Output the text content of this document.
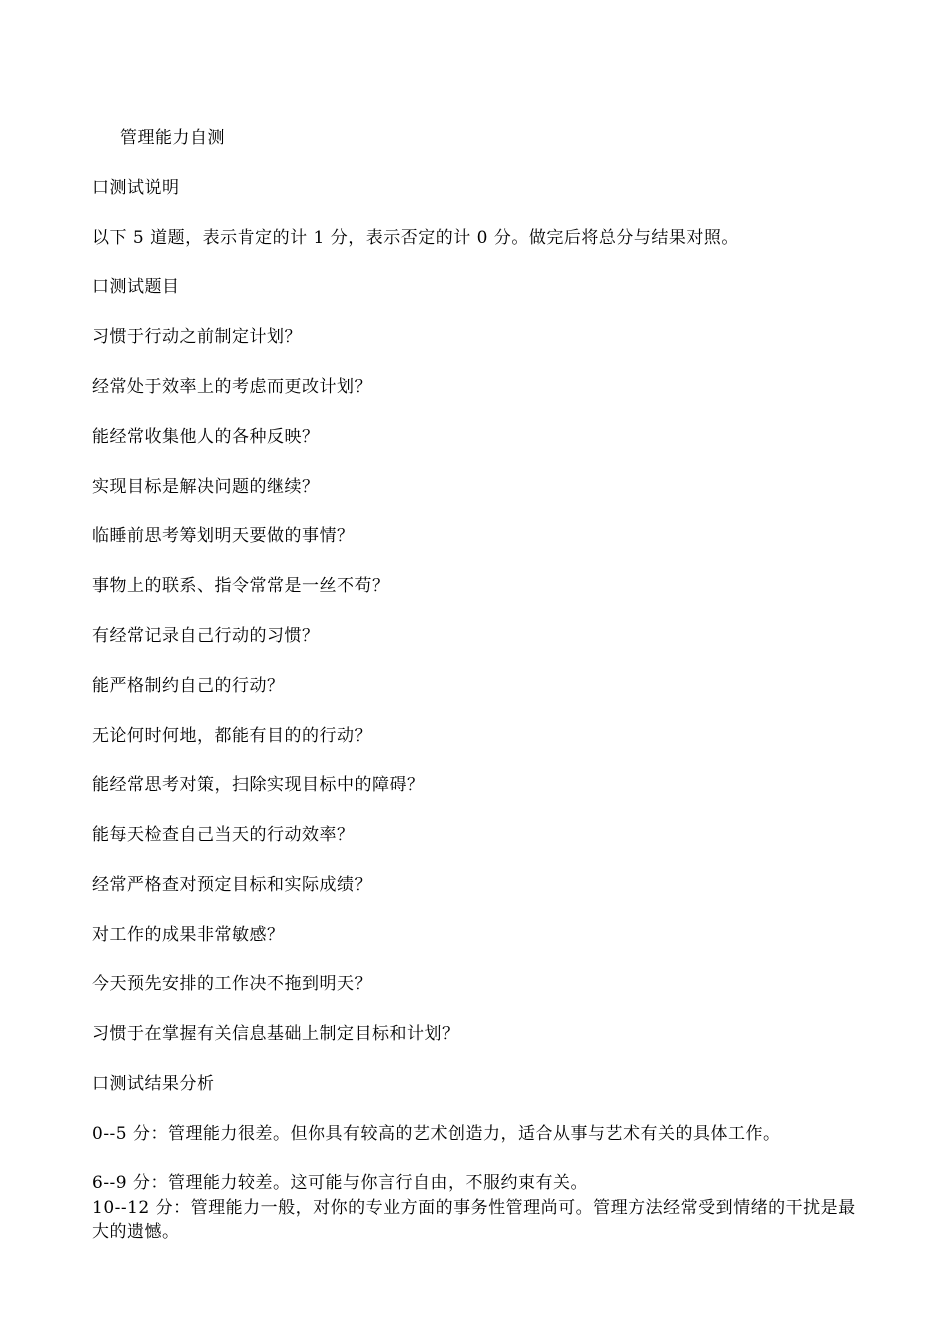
管理能力自测
口测试说明
以下 5 道题，表示肯定的计 1 分，表示否定的计 0 分。做完后将总分与结果对照。
口测试题目
习惯于行动之前制定计划？
经常处于效率上的考虑而更改计划？
能经常收集他人的各种反映？
实现目标是解决问题的继续？
临睡前思考筹划明天要做的事情？
事物上的联系、指令常常是一丝不苟？
有经常记录自己行动的习惯？
能严格制约自己的行动？
无论何时何地，都能有目的的行动？
能经常思考对策，扫除实现目标中的障碍？
能每天检查自己当天的行动效率？
经常严格查对预定目标和实际成绩？
对工作的成果非常敏感？
今天预先安排的工作决不拖到明天？
习惯于在掌握有关信息基础上制定目标和计划？
口测试结果分析
0--5 分：管理能力很差。但你具有较高的艺术创造力，适合从事与艺术有关的具体工作。
6--9 分：管理能力较差。这可能与你言行自由，不服约束有关。
10--12 分：管理能力一般，对你的专业方面的事务性管理尚可。管理方法经常受到情绪的干扰是最大的遗憾。
